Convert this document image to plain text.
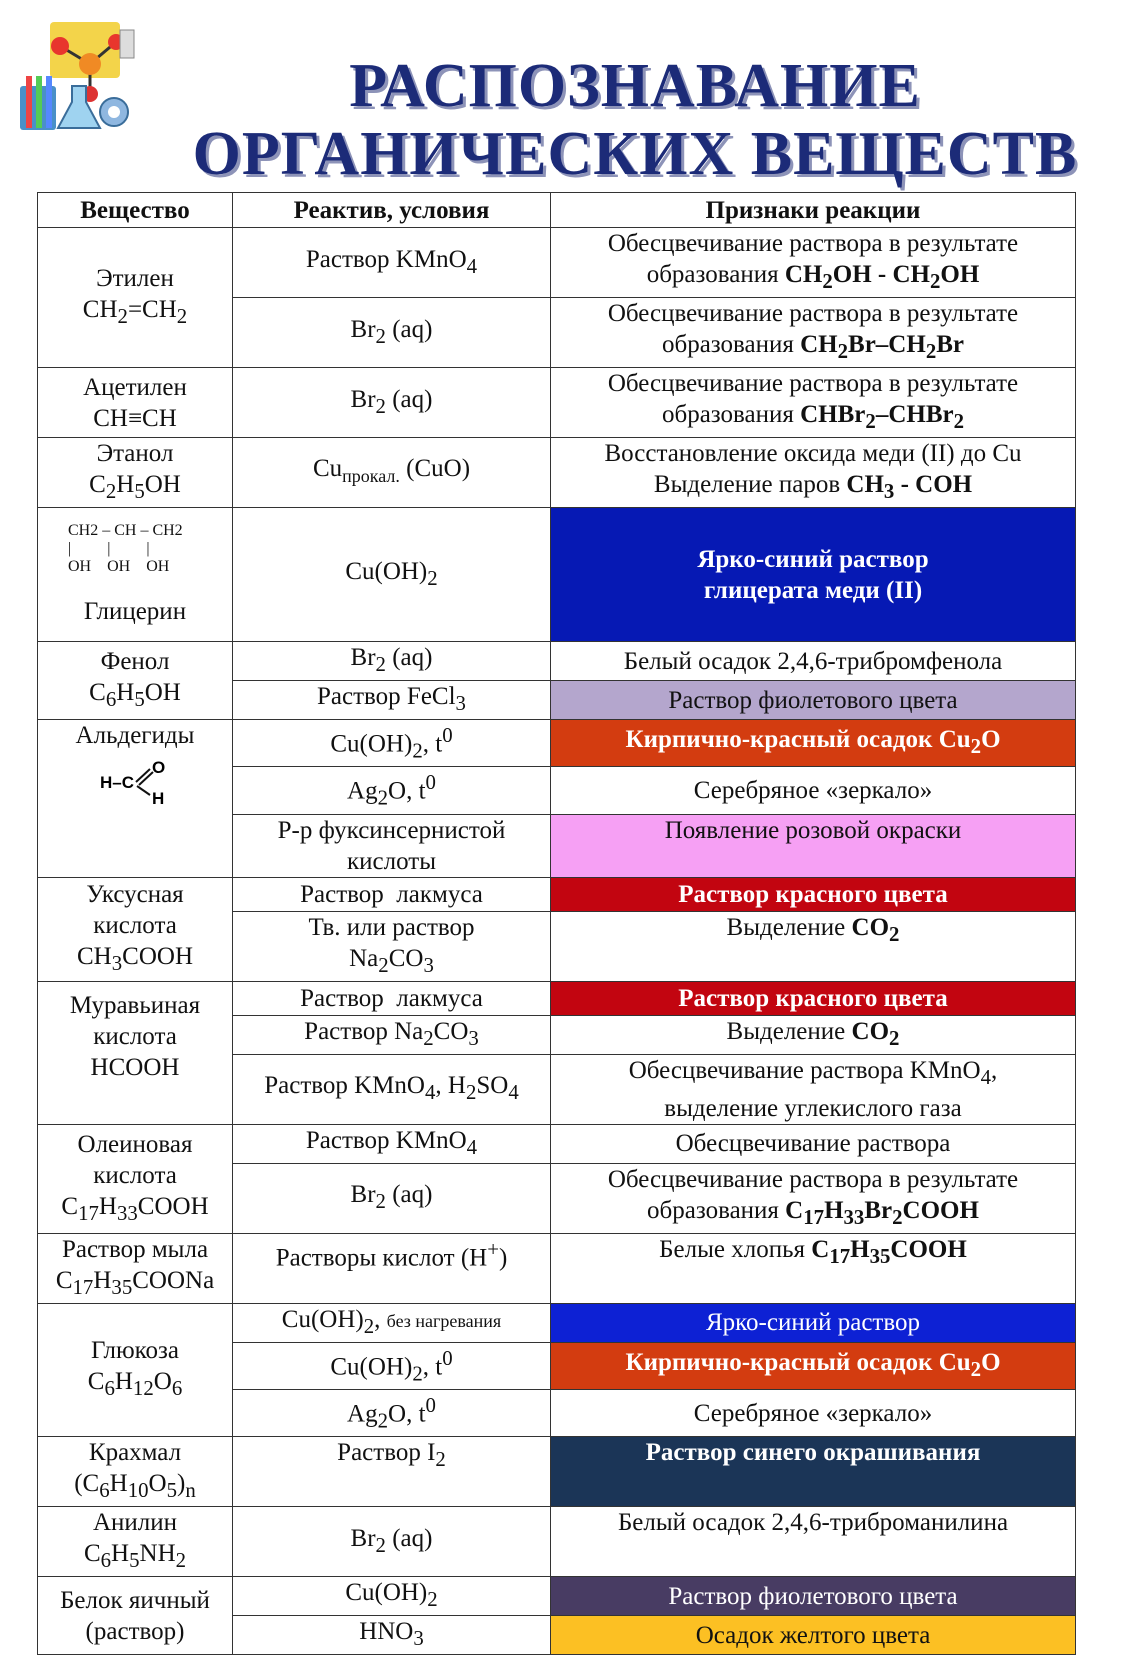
РАСПОЗНАВАНИЕ
ОРГАНИЧЕСКИХ ВЕЩЕСТВ
Вещество	Реактив, условия	Признаки реакции
Этилен
$CH_2=CH_2$	Раствор KMnO$_4$	Обесцвечивание раствора в результате
образования $CH_2OH - CH_2OH$
	$Br_2$ (aq)	Обесцвечивание раствора в результате
образования $CH_2Br-CH_2Br$
Ацетилен
CH≡CH	$Br_2$ (aq)	Обесцвечивание раствора в результате
образования CHBr$_2$–CHBr$_2$
Этанол
$C_2H_5OH$	$Cu_{прокал.}$ (CuO)	Восстановление оксида меди (II) до Cu
Выделение паров $CH_3$ - COH

CH2 – CH – CH2
|         |         |
OH    OH    OH
Глицерин	$Cu(OH)_2$	Ярко-синий раствор
глицерата меди (II)
Фенол
$C_6H_5OH$	$Br_2$ (aq)	Белый осадок 2,4,6-трибромфенола
	Раствор FeCl$_3$	Раствор фиолетового цвета
Альдегиды
H–C
O
H	$Cu(OH)_2$, $t^0$	Кирпично-красный осадок $Cu_2O$
	$Ag_2O$, $t^0$	Серебряное «зеркало»
	Р-р фуксинсернистой
кислоты	Появление розовой окраски
Уксусная
кислота
$CH_3COOH$	Раствор  лакмуса	Раствор красного цвета
	Тв. или раствор
$Na_2CO_3$	Выделение $CO_2$
Муравьиная
кислота
HCOOH	Раствор  лакмуса	Раствор красного цвета
	Раствор $Na_2CO_3$	Выделение $CO_2$
	Раствор KMnO$_4$, $H_2SO_4$	Обесцвечивание раствора KMnO$_4$,
выделение углекислого газа
Олеиновая
кислота
$C_{17}H_{33}COOH$	Раствор KMnO$_4$	Обесцвечивание раствора
	$Br_2$ (aq)	Обесцвечивание раствора в результате
образования $C_{17}H_{33}Br_2COOH$
Раствор мыла
$C_{17}H_{35}COONa$	Растворы кислот (H+)	Белые хлопья $C_{17}H_{35}COOH$
Глюкоза
$C_6H_{12}O_6$	$Cu(OH)_2$, без нагревания	Ярко-синий раствор
	$Cu(OH)_2$, $t^0$	Кирпично-красный осадок $Cu_2O$
	$Ag_2O$, $t^0$	Серебряное «зеркало»
Крахмал
$(C_6H_{10}O_5)_n$	Раствор $I_2$	Раствор синего окрашивания
Анилин
$C_6H_5NH_2$	$Br_2$ (aq)	Белый осадок 2,4,6-триброманилина
Белок яичный
(раствор)	$Cu(OH)_2$	Раствор фиолетового цвета
	$HNO_3$	Осадок желтого цвета
